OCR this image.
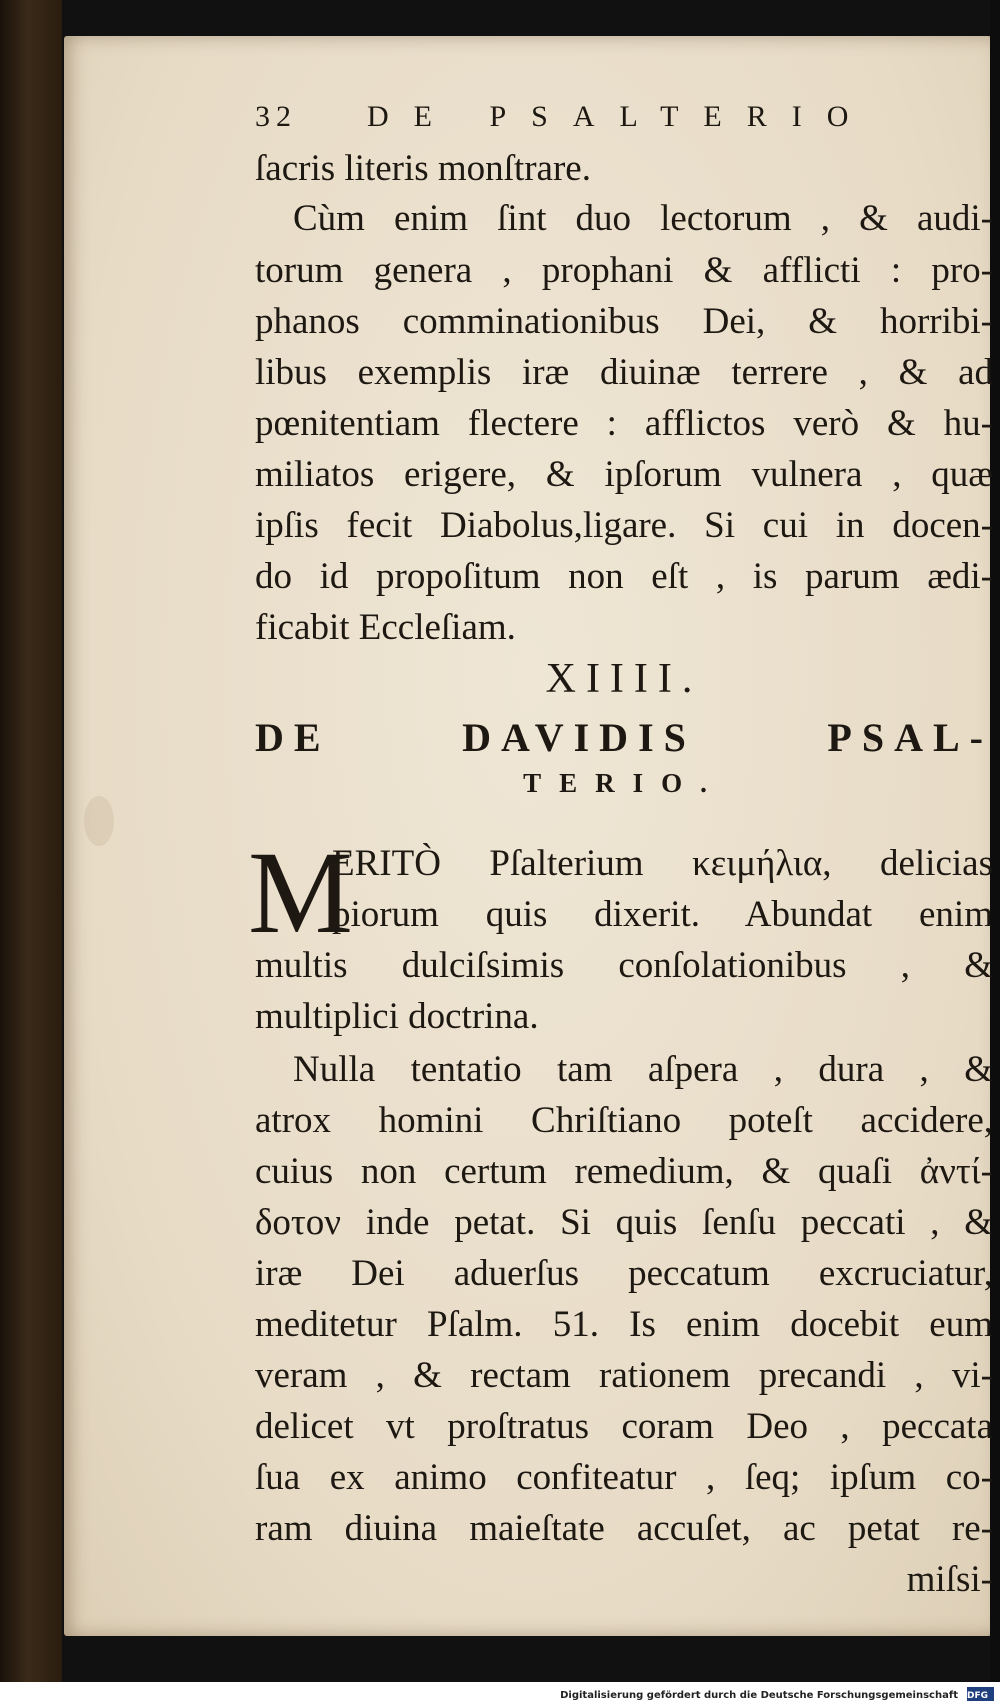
32 DE PSALTERIO
ſacris literis monſtrare.
Cùm enim ſint duo lectorum , & audi-
torum genera , prophani & afflicti : pro-
phanos comminationibus Dei, & horribi-
libus exemplis iræ diuinæ terrere , & ad
pœnitentiam flectere : afflictos verò & hu-
miliatos erigere, & ipſorum vulnera , quæ
ipſis fecit Diabolus,ligare. Si cui in docen-
do id propoſitum non eſt , is parum ædi-
ficabit Eccleſiam.
XIIII.
DE DAVIDIS PSAL-
TERIO.
M
ERITÒ Pſalterium κειμήλια, delicias
piorum quis dixerit. Abundat enim
multis dulciſsimis conſolationibus , &
multiplici doctrina.
Nulla tentatio tam aſpera , dura , &
atrox homini Chriſtiano poteſt accidere,
cuius non certum remedium, & quaſi ἀντί-
δοτον inde petat. Si quis ſenſu peccati , &
iræ Dei aduerſus peccatum excruciatur,
meditetur Pſalm. 51. Is enim docebit eum
veram , & rectam rationem precandi , vi-
delicet vt proſtratus coram Deo , peccata
ſua ex animo confiteatur , ſeq; ipſum co-
ram diuina maieſtate accuſet, ac petat re-
miſsi-
Digitalisierung gefördert durch die Deutsche Forschungsgemeinschaft DFG
